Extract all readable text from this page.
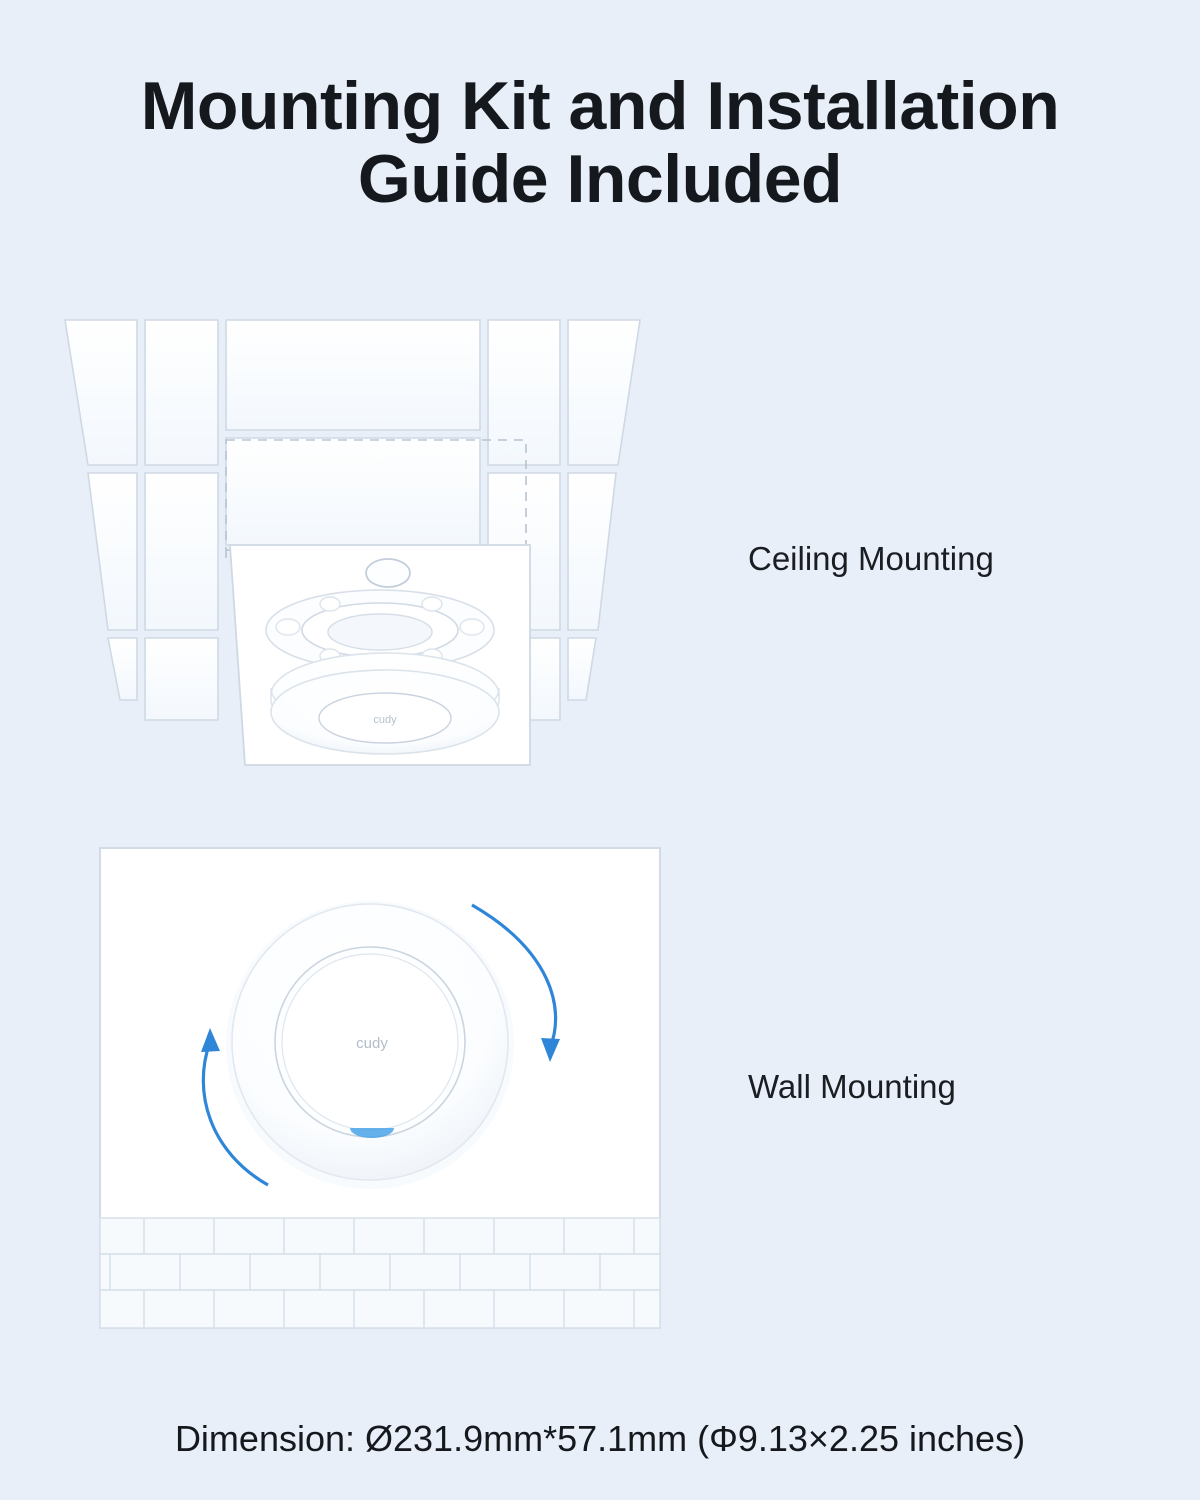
Mounting Kit and Installation
Guide Included
cudy
Ceiling Mounting
cudy
Wall Mounting
Dimension: Ø231.9mm*57.1mm (Φ9.13×2.25 inches)
